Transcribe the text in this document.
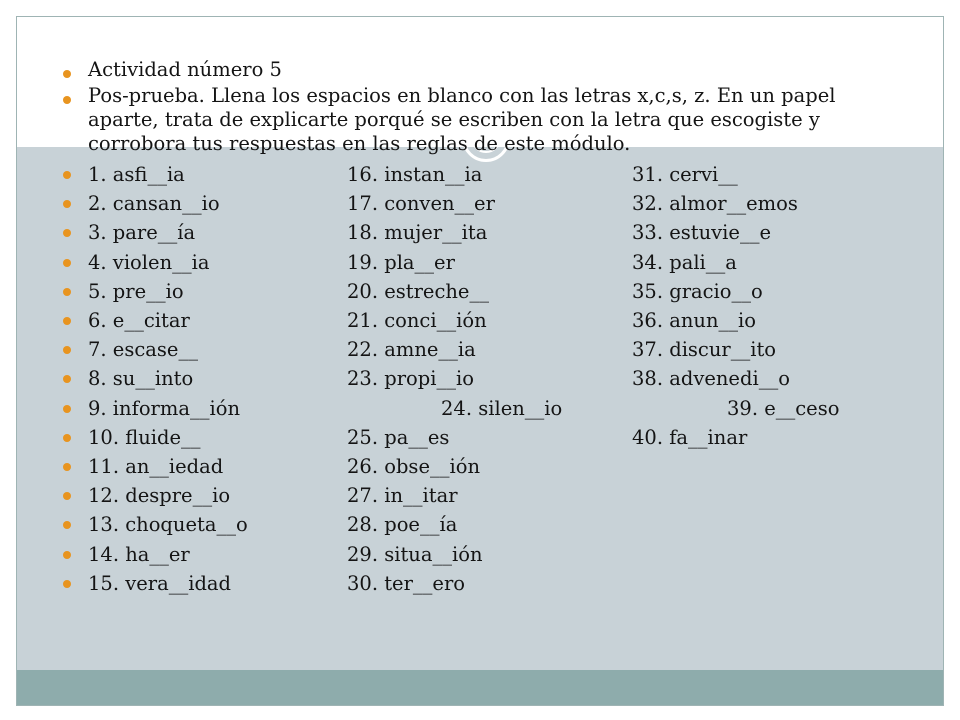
Actividad número 5
Pos-prueba. Llena los espacios en blanco con las letras x,c,s, z. En un papel aparte, trata de explicarte porqué se escriben con la letra que escogiste y corrobora tus respuestas en las reglas de este módulo.
1. asfi__ia	16. instan__ia	31. cervi__
2. cansan__io	17. conven__er	32. almor__emos
3. pare__ía	18. mujer__ita	33. estuvie__e
4. violen__ia	19. pla__er	34. pali__a
5. pre__io	20. estreche__	35. gracio__o
6. e__citar	21. conci__ión	36. anun__io
7. escase__	22. amne__ia	37. discur__ito
8. su__into	23. propi__io	38. advenedi__o
9. informa__ión	24. silen__io	39. e__ceso
10. fluide__	25. pa__es	40. fa__inar
11. an__iedad	26. obse__ión
12. despre__io	27. in__itar
13. choqueta__o	28. poe__ía
14. ha__er	29. situa__ión
15. vera__idad	30. ter__ero
